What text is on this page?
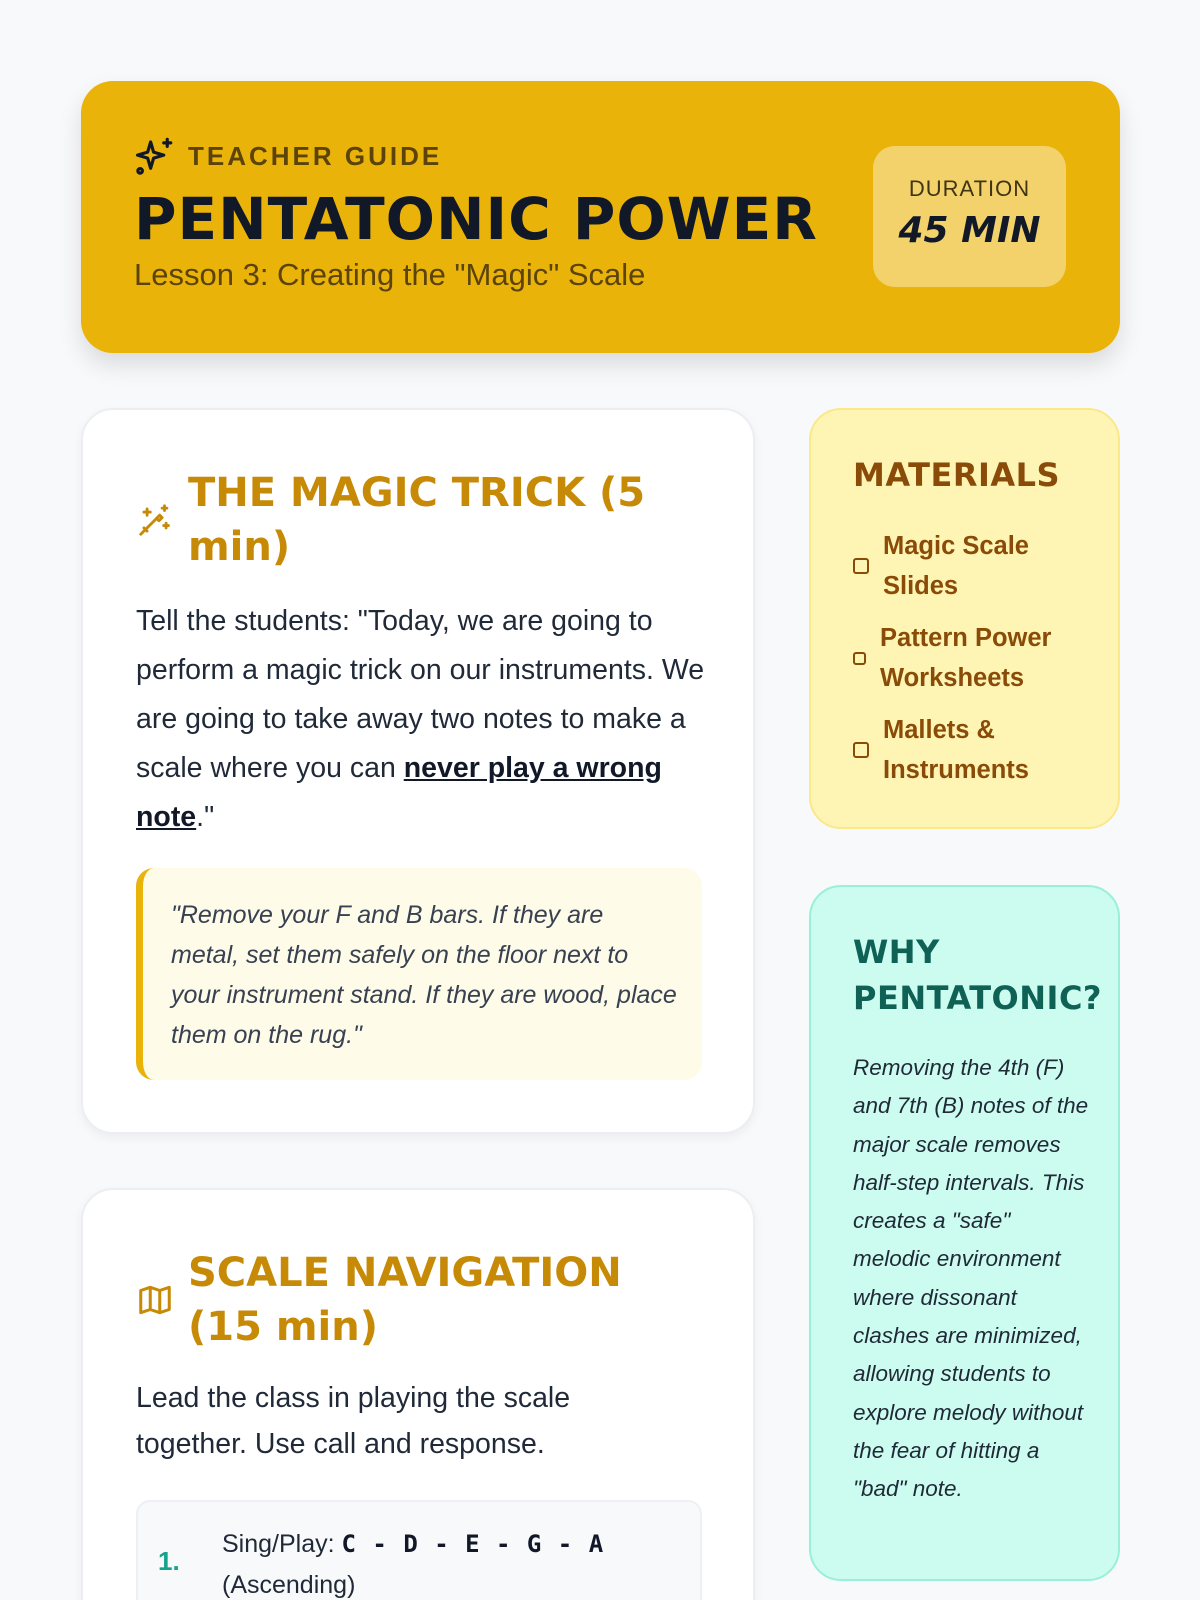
TEACHER GUIDE
PENTATONIC POWER
Lesson 3: Creating the "Magic" Scale
DURATION
45 MIN
THE MAGIC TRICK (5 min)
Tell the students: "Today, we are going to perform a magic trick on our instruments. We are going to take away two notes to make a scale where you can never play a wrong note."
"Remove your F and B bars. If they are metal, set them safely on the floor next to your instrument stand. If they are wood, place them on the rug."
SCALE NAVIGATION (15 min)
Lead the class in playing the scale together. Use call and response.
1.
Sing/Play: C - D - E - G - A
(Ascending)
MATERIALS
Magic Scale Slides
Pattern Power Worksheets
Mallets & Instruments
WHY PENTATONIC?
Removing the 4th (F) and 7th (B) notes of the major scale removes half-step intervals. This creates a "safe" melodic environment where dissonant clashes are minimized, allowing students to explore melody without the fear of hitting a "bad" note.
